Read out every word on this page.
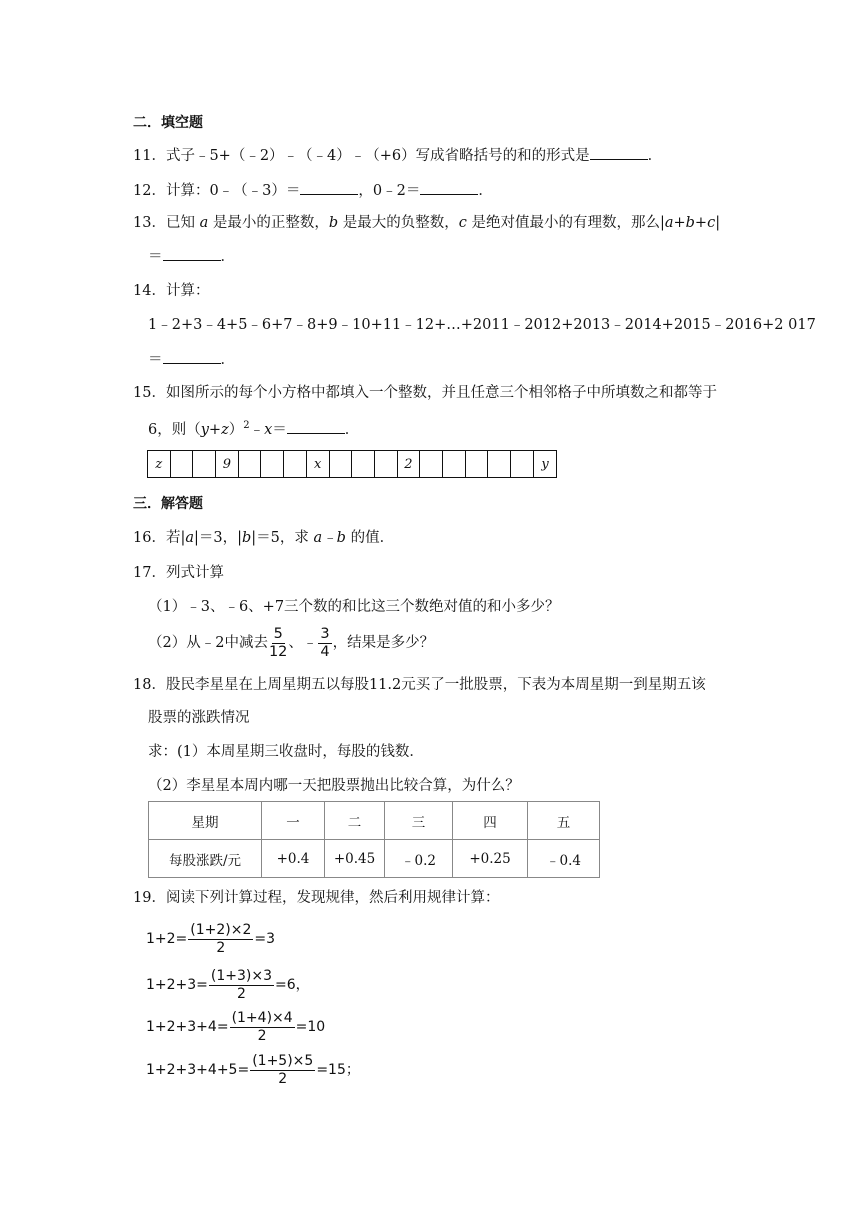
二．填空题
11．式子﹣5+（﹣2）﹣（﹣4）﹣（+6）写成省略括号的和的形式是	．
12．计算：0﹣（﹣3）＝	，0﹣2＝	．
13．已知 a 是最小的正整数，b 是最大的负整数，c 是绝对值最小的有理数，那么|a+b+c|
＝	．
14．计算：
1﹣2+3﹣4+5﹣6+7﹣8+9﹣10+11﹣12+…+2011﹣2012+2013﹣2014+2015﹣2016+2 017
＝	．
15．如图所示的每个小方格中都填入一个整数，并且任意三个相邻格子中所填数之和都等于
6，则$(y+z)^2﹣x=$	．
z	9	x	2	y
三．解答题
16．若|a|＝3，|b|＝5，求 a﹣b 的值．
17．列式计算
（1）﹣3、﹣6、+7三个数的和比这三个数绝对值的和小多少？
（2）从﹣2中减去 $\frac{5}{12}$ 、﹣ $\frac{3}{4}$ ，结果是多少？
18．股民李星星在上周星期五以每股11.2元买了一批股票，下表为本周星期一到星期五该
股票的涨跌情况
求：(1）本周星期三收盘时，每股的钱数．
（2）李星星本周内哪一天把股票抛出比较合算，为什么？
星期	一	二	三	四	五
每股涨跌/元	+0.4	+0.45	﹣0.2	+0.25	﹣0.4
19．阅读下列计算过程，发现规律，然后利用规律计算：
$1+2= \frac{(1+2)\times 2}{2} =3$
$1+2+3= \frac{(1+3)\times 3}{2} =6$，
$1+2+3+4= \frac{(1+4)\times 4}{2} =10$
$1+2+3+4+5= \frac{(1+5)\times 5}{2} =15$；
